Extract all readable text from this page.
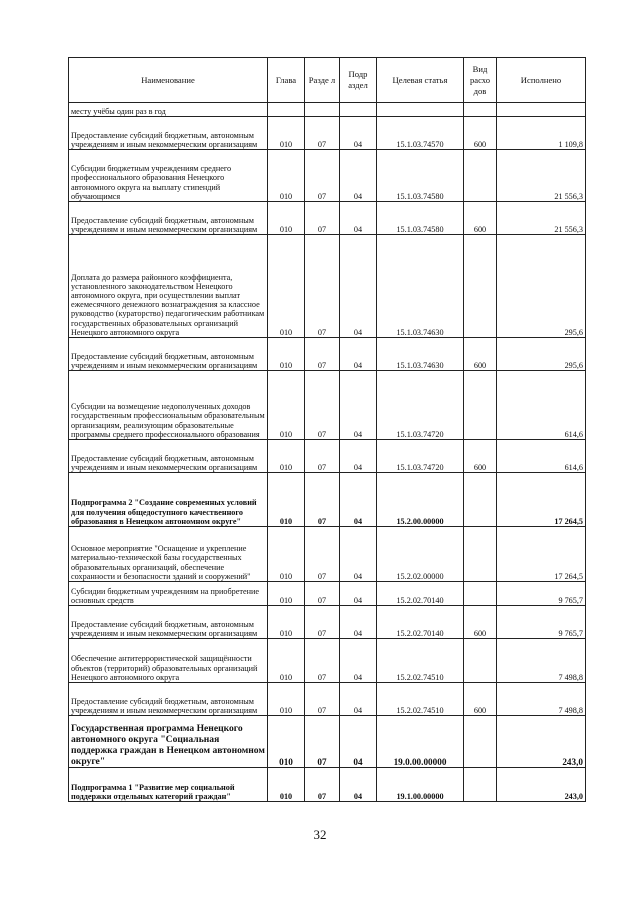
Наименование	Глава	Разде л	Подр аздел	Целевая статья	Вид расхо дов	Исполнено
месту учёбы один раз в год						
Предоставление субсидий бюджетным, автономным учреждениям и иным некоммерческим организациям	010	07	04	15.1.03.74570	600	1 109,8
Субсидии бюджетным учреждениям среднего профессионального образования Ненецкого автономного округа на выплату стипендий обучающимся	010	07	04	15.1.03.74580		21 556,3
Предоставление субсидий бюджетным, автономным учреждениям и иным некоммерческим организациям	010	07	04	15.1.03.74580	600	21 556,3
Доплата до размера районного коэффициента, установленного законодательством Ненецкого автономного округа, при осуществлении выплат ежемесячного денежного вознаграждения за классное руководство (кураторство) педагогическим работникам государственных образовательных организаций Ненецкого автономного округа	010	07	04	15.1.03.74630		295,6
Предоставление субсидий бюджетным, автономным учреждениям и иным некоммерческим организациям	010	07	04	15.1.03.74630	600	295,6
Субсидии на возмещение недополученных доходов государственным профессиональным образовательным организациям, реализующим образовательные программы среднего профессионального образования	010	07	04	15.1.03.74720		614,6
Предоставление субсидий бюджетным, автономным учреждениям и иным некоммерческим организациям	010	07	04	15.1.03.74720	600	614,6
Подпрограмма 2 "Создание современных условий для получения общедоступного качественного образования в Ненецком автономном округе"	010	07	04	15.2.00.00000		17 264,5
Основное мероприятие "Оснащение и укрепление материально-технической базы государственных образовательных организаций, обеспечение сохранности и безопасности зданий и сооружений"	010	07	04	15.2.02.00000		17 264,5
Субсидии бюджетным учреждениям на приобретение основных средств	010	07	04	15.2.02.70140		9 765,7
Предоставление субсидий бюджетным, автономным учреждениям и иным некоммерческим организациям	010	07	04	15.2.02.70140	600	9 765,7
Обеспечение антитеррористической защищённости объектов (территорий) образовательных организаций Ненецкого автономного округа	010	07	04	15.2.02.74510		7 498,8
Предоставление субсидий бюджетным, автономным учреждениям и иным некоммерческим организациям	010	07	04	15.2.02.74510	600	7 498,8
Государственная программа Ненецкого автономного округа "Социальная поддержка граждан в Ненецком автономном округе"	010	07	04	19.0.00.00000		243,0
Подпрограмма 1 "Развитие мер социальной поддержки отдельных категорий граждан"	010	07	04	19.1.00.00000		243,0
32
